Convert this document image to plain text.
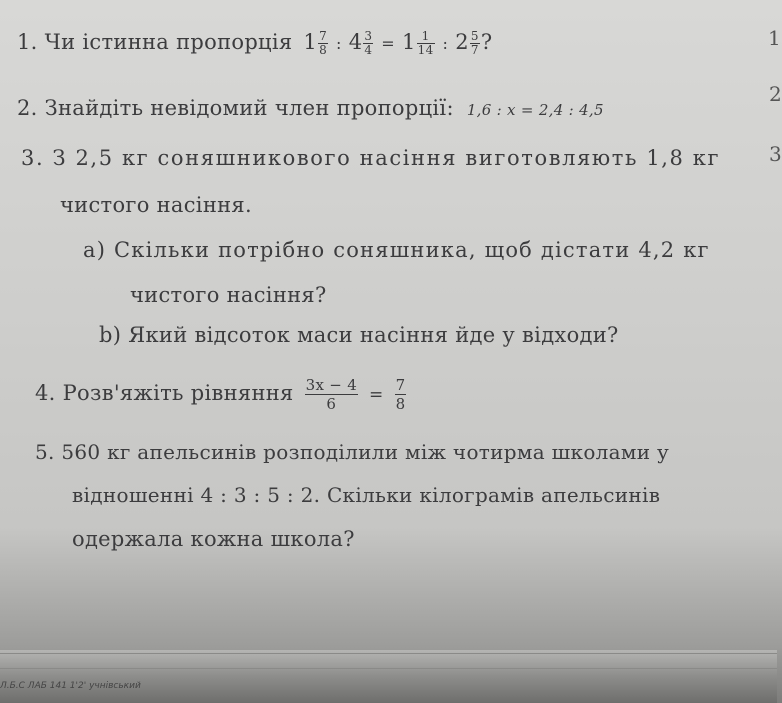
1
2
3
1. Чи істинна пропорція $1 \frac{7}{8}$ : $4 \frac{3}{4} = 1 \frac{1}{14}$ : $2 \frac{5}{7}$ ?
2. Знайдіть невідомий член пропорції: 1,6 : x = 2,4 : 4,5
3. З 2,5 кг соняшникового насіння виготовляють 1,8 кг
чистого насіння.
а) Скільки потрібно соняшника, щоб дістати 4,2 кг
чистого насіння?
b) Який відсоток маси насіння йде у відходи?
4. Розв'яжіть рівняння $\frac{3x - 4}{6} = \frac{7}{8}$
5. 560 кг апельсинів розподілили між чотирма школами у
відношенні 4 : 3 : 5 : 2. Скільки кілограмів апельсинів
одержала кожна школа?
Л.Б.С ЛАБ 141 1'2' учнівський
